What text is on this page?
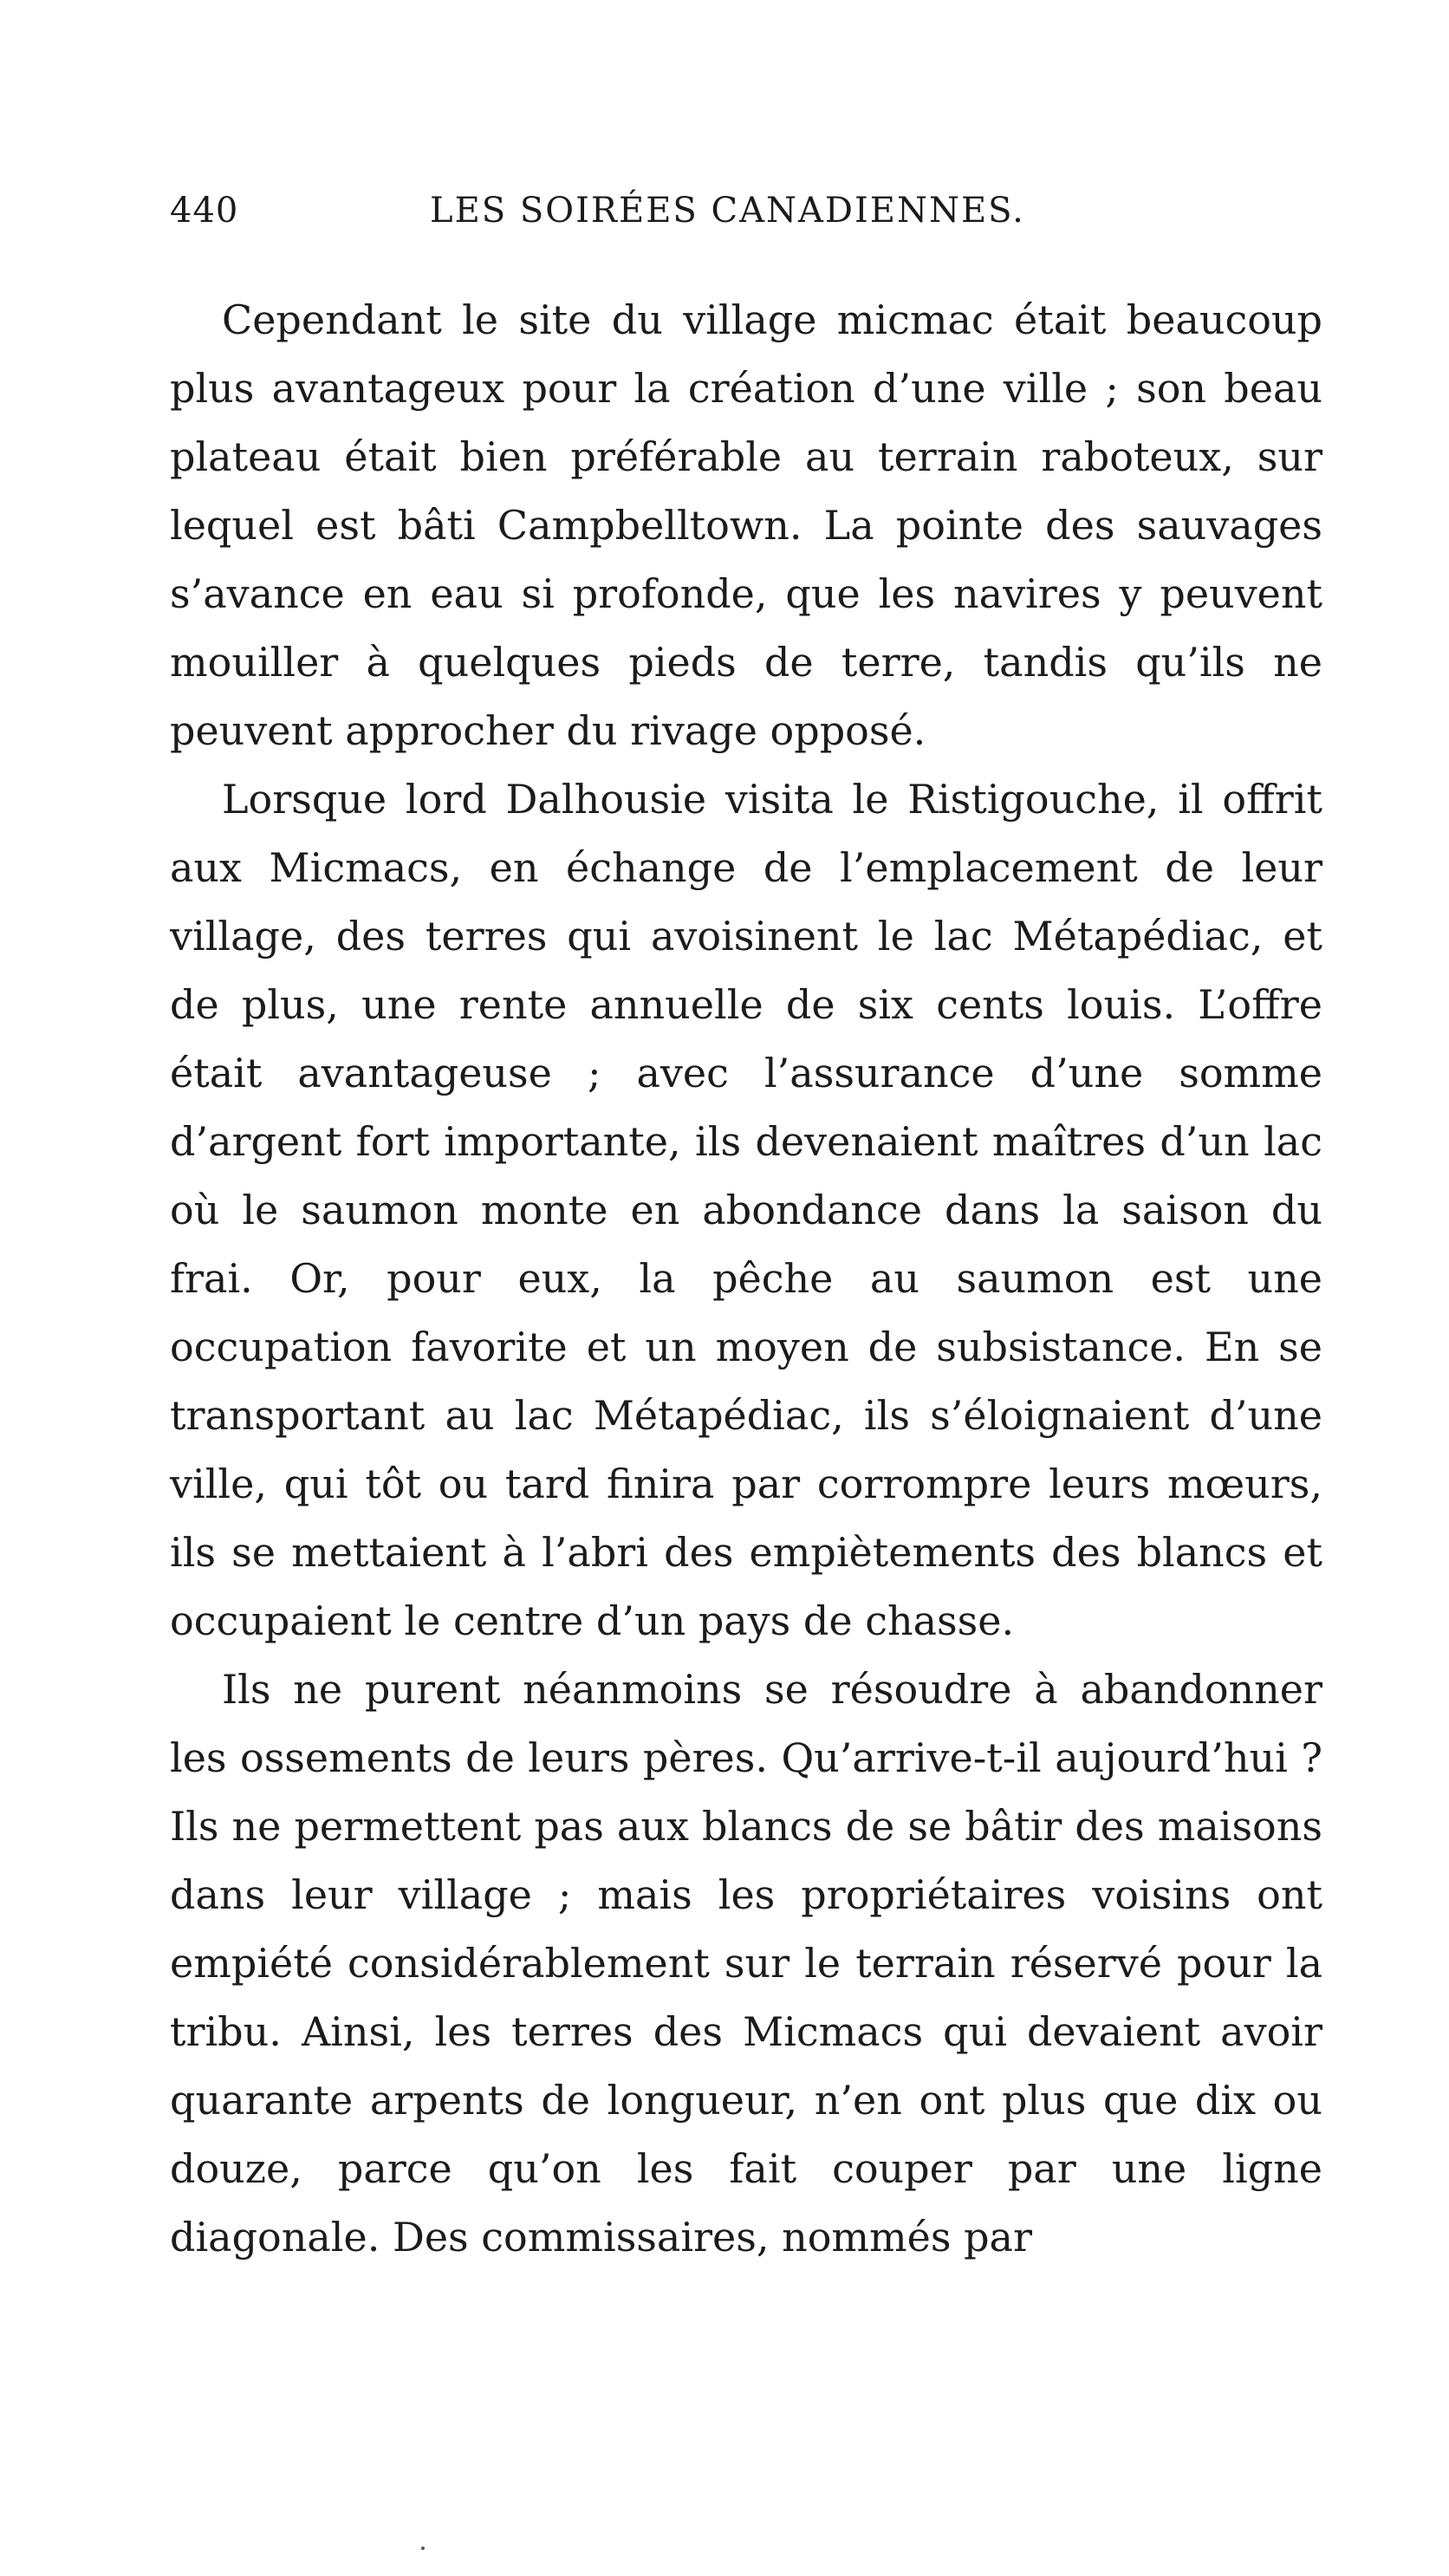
440	LES SOIRÉES CANADIENNES.

Cependant le site du village micmac était beaucoup plus avantageux pour la création d’une ville ; son beau plateau était bien préférable au terrain raboteux, sur lequel est bâti Campbelltown. La pointe des sauvages s’avance en eau si profonde, que les navires y peuvent mouiller à quelques pieds de terre, tandis qu’ils ne peuvent approcher du rivage opposé.

Lorsque lord Dalhousie visita le Ristigouche, il offrit aux Micmacs, en échange de l’emplacement de leur village, des terres qui avoisinent le lac Métapédiac, et de plus, une rente annuelle de six cents louis. L’offre était avantageuse ; avec l’assurance d’une somme d’argent fort importante, ils devenaient maîtres d’un lac où le saumon monte en abondance dans la saison du frai. Or, pour eux, la pêche au saumon est une occupation favorite et un moyen de subsistance. En se transportant au lac Métapédiac, ils s’éloignaient d’une ville, qui tôt ou tard finira par corrompre leurs mœurs, ils se mettaient à l’abri des empiètements des blancs et occupaient le centre d’un pays de chasse.

Ils ne purent néanmoins se résoudre à abandonner les ossements de leurs pères. Qu’arrive-t-il aujourd’hui ? Ils ne permettent pas aux blancs de se bâtir des maisons dans leur village ; mais les propriétaires voisins ont empiété considérablement sur le terrain réservé pour la tribu. Ainsi, les terres des Micmacs qui devaient avoir quarante arpents de longueur, n’en ont plus que dix ou douze, parce qu’on les fait couper par une ligne diagonale. Des commissaires, nommés par
